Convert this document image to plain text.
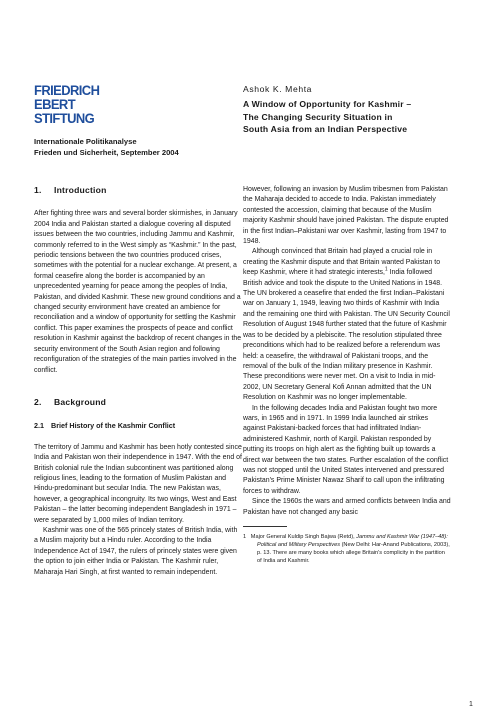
FRIEDRICH
EBERT
STIFTUNG
Internationale Politikanalyse
Frieden und Sicherheit, September 2004
Ashok K. Mehta
A Window of Opportunity for Kashmir –
The Changing Security Situation in
South Asia from an Indian Perspective
1. Introduction

After fighting three wars and several border skirmishes, in January 2004 India and Pakistan started a dialogue covering all disputed issues between the two countries, including Jammu and Kashmir, commonly referred to in the West simply as “Kashmir.” In the past, periodic tensions between the two countries produced crises, sometimes with the potential for a nuclear exchange. At present, a formal ceasefire along the border is accompanied by an unprecedented yearning for peace among the peoples of India, Pakistan, and divided Kashmir. These new ground conditions and a changed security environment have created an ambience for reconciliation and a window of opportunity for settling the Kashmir conflict. This paper examines the prospects of peace and conflict resolution in Kashmir against the backdrop of recent changes in the security environment of the South Asian region and following reconfiguration of the strategies of the main parties involved in the conflict.

2. Background
2.1 Brief History of the Kashmir Conflict

The territory of Jammu and Kashmir has been hotly contested since India and Pakistan won their independence in 1947. With the end of British colonial rule the Indian subcontinent was partitioned along religious lines, leading to the formation of Muslim Pakistan and Hindu-predominant but secular India. The new Pakistan was, however, a geographical incongruity. Its two wings, West and East Pakistan – the latter becoming independent Bangladesh in 1971 – were separated by 1,000 miles of Indian territory.

Kashmir was one of the 565 princely states of British India, with a Muslim majority but a Hindu ruler. According to the India Independence Act of 1947, the rulers of princely states were given the option to join either India or Pakistan. The Kashmir ruler, Maharaja Hari Singh, at first wanted to remain independent.

However, following an invasion by Muslim tribesmen from Pakistan the Maharaja decided to accede to India. Pakistan immediately contested the accession, claiming that because of the Muslim majority Kashmir should have joined Pakistan. The dispute erupted in the first Indian–Pakistani war over Kashmir, lasting from 1947 to 1948.

Although convinced that Britain had played a crucial role in creating the Kashmir dispute and that Britain wanted Pakistan to keep Kashmir, where it had strategic interests,$^1$ India followed British advice and took the dispute to the United Nations in 1948. The UN brokered a ceasefire that ended the first Indian–Pakistani war on January 1, 1949, leaving two thirds of Kashmir with India and the remaining one third with Pakistan. The UN Security Council Resolution of August 1948 further stated that the future of Kashmir was to be decided by a plebiscite. The resolution stipulated three preconditions which had to be realized before a referendum was held: a ceasefire, the withdrawal of Pakistani troops, and the removal of the bulk of the Indian military presence in Kashmir. These preconditions were never met. On a visit to India in mid-2002, UN Secretary General Kofi Annan admitted that the UN Resolution on Kashmir was no longer implementable.

In the following decades India and Pakistan fought two more wars, in 1965 and in 1971. In 1999 India launched air strikes against Pakistani-backed forces that had infiltrated Indian-administered Kashmir, north of Kargil. Pakistan responded by putting its troops on high alert as the fighting built up towards a direct war between the two states. Further escalation of the conflict was not stopped until the United States intervened and pressured Pakistan's Prime Minister Nawaz Sharif to call upon the infiltrating forces to withdraw.

Since the 1960s the wars and armed conflicts between India and Pakistan have not changed any basic

1 Major General Kuldip Singh Bajwa (Retd), Jammu and Kashmir War (1947–48): Political and Military Perspectives (New Delhi: Har-Anand Publications, 2003), p. 13. There are many books which allege Britain's complicity in the partition of India and Kashmir.

1
